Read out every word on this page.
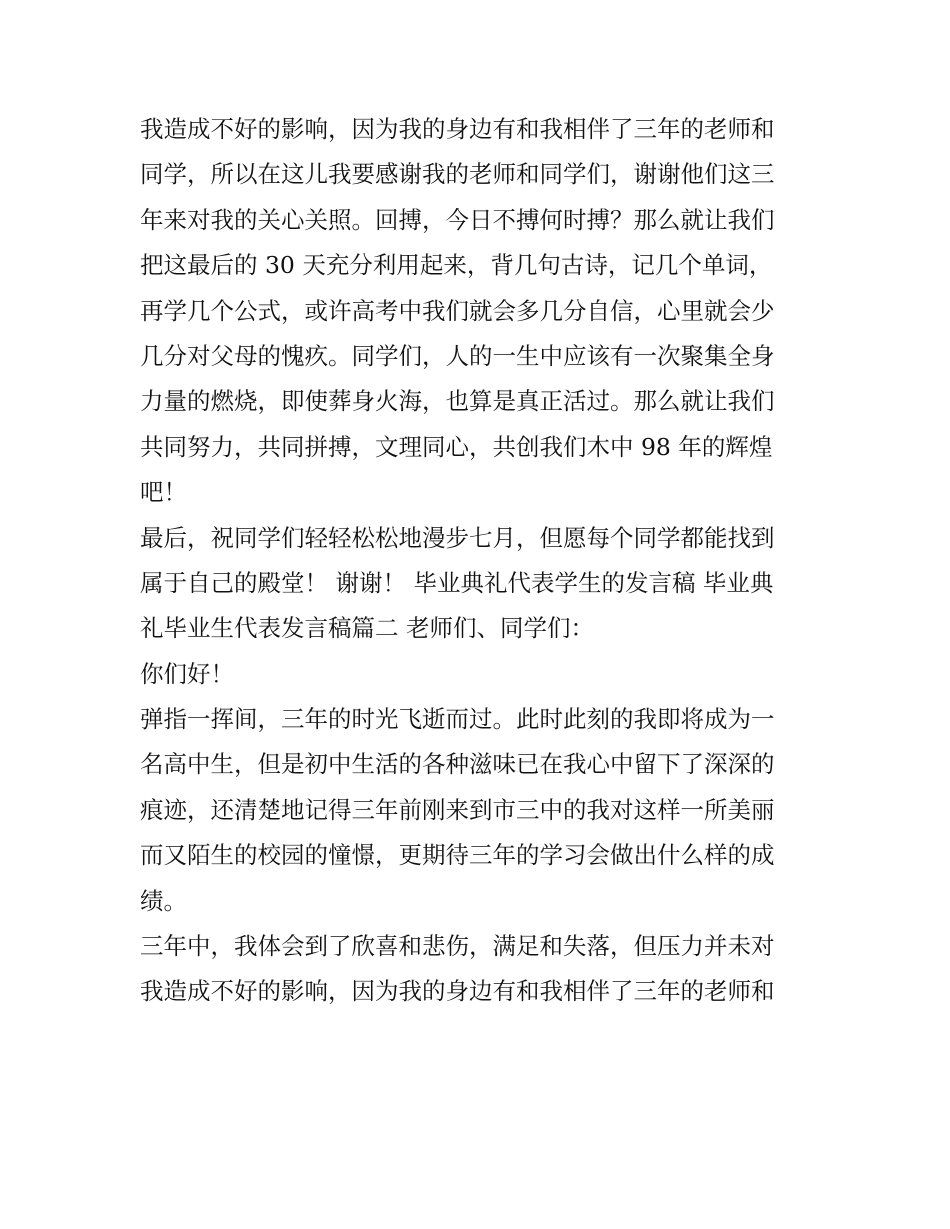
我造成不好的影响，因为我的身边有和我相伴了三年的老师和
同学，所以在这儿我要感谢我的老师和同学们，谢谢他们这三
年来对我的关心关照。回搏，今日不搏何时搏？那么就让我们
把这最后的 30 天充分利用起来，背几句古诗，记几个单词，
再学几个公式，或许高考中我们就会多几分自信，心里就会少
几分对父母的愧疚。同学们，人的一生中应该有一次聚集全身
力量的燃烧，即使葬身火海，也算是真正活过。那么就让我们
共同努力，共同拼搏，文理同心，共创我们木中 98 年的辉煌
吧！
最后，祝同学们轻轻松松地漫步七月，但愿每个同学都能找到
属于自己的殿堂！ 谢谢！ 毕业典礼代表学生的发言稿 毕业典
礼毕业生代表发言稿篇二 老师们、同学们：
你们好！
弹指一挥间，三年的时光飞逝而过。此时此刻的我即将成为一
名高中生，但是初中生活的各种滋味已在我心中留下了深深的
痕迹，还清楚地记得三年前刚来到市三中的我对这样一所美丽
而又陌生的校园的憧憬，更期待三年的学习会做出什么样的成
绩。
三年中，我体会到了欣喜和悲伤，满足和失落，但压力并未对
我造成不好的影响，因为我的身边有和我相伴了三年的老师和
